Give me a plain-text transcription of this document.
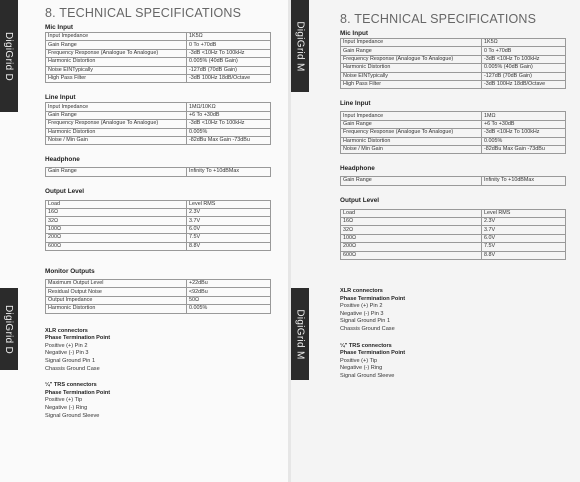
DigiGrid D
DigiGrid D
8. TECHNICAL SPECIFICATIONS
Mic Input
Input Impedance	1K5Ω
Gain Range	0 To +70dB
Frequency Response (Analogue To Analogue)	-3dB <10Hz To 100kHz
Harmonic Distortion	0.005% (40dB Gain)
Noise EINTypically	-127dB (70dB Gain)
High Pass Filter	-3dB 100Hz 18dB/Octave
Line Input
Input Impedance	1MΩ/10KΩ
Gain Range	+6 To +30dB
Frequency Response (Analogue To Analogue)	-3dB <10Hz To 100kHz
Harmonic Distortion	0.005%
Noise / Min Gain	-82dBu Max Gain -73dBu
Headphone
Gain Range	Infinity To +10dBMax
Output Level
Load	Level RMS
16Ω	2.3V
32Ω	3.7V
100Ω	6.0V
200Ω	7.5V
600Ω	8.8V
Monitor Outputs
Maximum Output Level	+22dBu
Residual Output Noise	<92dBu
Output Impedance	50Ω
Harmonic Distortion	0.005%
XLR connectors
Phase Termination Point
Positive (+) Pin 2
Negative (-) Pin 3
Signal Ground Pin 1
Chassis Ground Case
¼" TRS connectors
Phase Termination Point
Positive (+) Tip
Negative (-) Ring
Signal Ground Sleeve
DigiGrid M
DigiGrid M
8. TECHNICAL SPECIFICATIONS
Mic Input
Input Impedance	1K5Ω
Gain Range	0 To +70dB
Frequency Response (Analogue To Analogue)	-3dB <10Hz To 100kHz
Harmonic Distortion	0.005% (40dB Gain)
Noise EINTypically	-127dB (70dB Gain)
High Pass Filter	-3dB 100Hz 18dB/Octave
Line Input
Input Impedance	1MΩ
Gain Range	+6 To +30dB
Frequency Response (Analogue To Analogue)	-3dB <10Hz To 100kHz
Harmonic Distortion	0.005%
Noise / Min Gain	-82dBu Max Gain -73dBu
Headphone
Gain Range	Infinity To +10dBMax
Output Level
Load	Level RMS
16Ω	2.3V
32Ω	3.7V
100Ω	6.0V
200Ω	7.5V
600Ω	8.8V
XLR connectors
Phase Termination Point
Positive (+) Pin 2
Negative (-) Pin 3
Signal Ground Pin 1
Chassis Ground Case
¼" TRS connectors
Phase Termination Point
Positive (+) Tip
Negative (-) Ring
Signal Ground Sleeve
